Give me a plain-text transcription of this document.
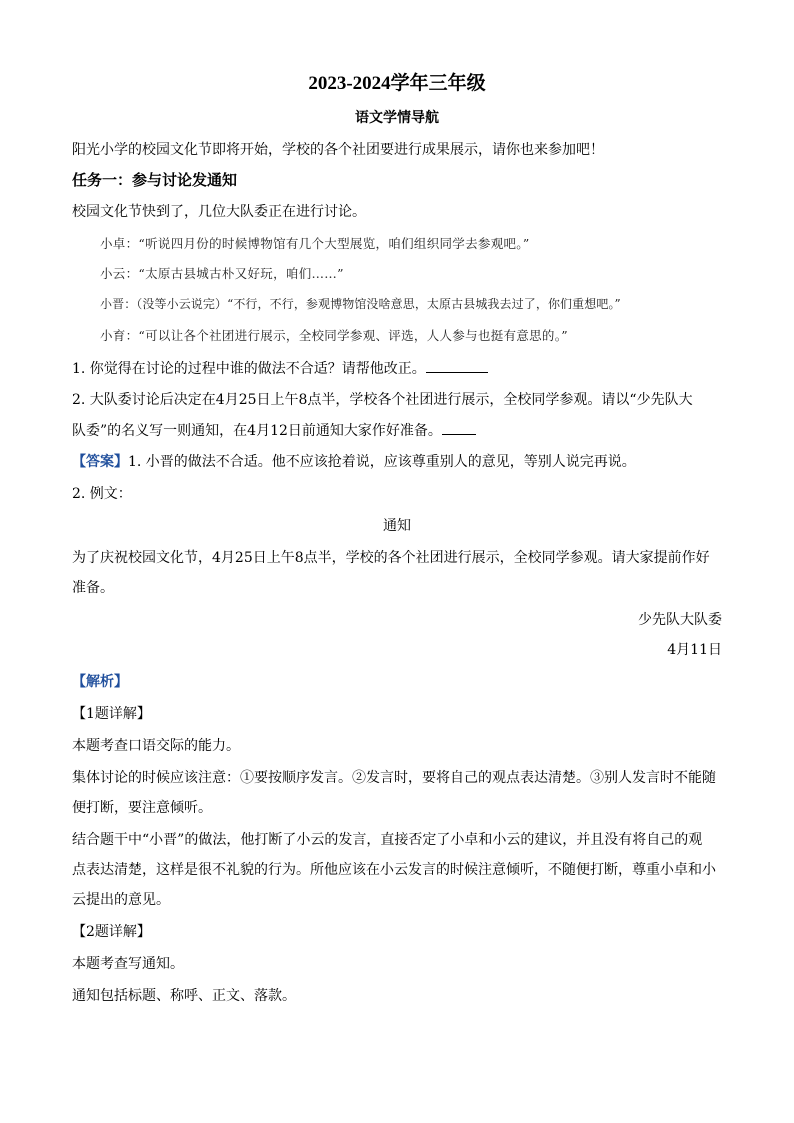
2023-2024学年三年级
语文学情导航
阳光小学的校园文化节即将开始，学校的各个社团要进行成果展示，请你也来参加吧！
任务一：参与讨论发通知
校园文化节快到了，几位大队委正在进行讨论。
小卓：“听说四月份的时候博物馆有几个大型展览，咱们组织同学去参观吧。”
小云：“太原古县城古朴又好玩，咱们……”
小晋：（没等小云说完）“不行，不行，参观博物馆没啥意思，太原古县城我去过了，你们重想吧。”
小育：“可以让各个社团进行展示，全校同学参观、评选，人人参与也挺有意思的。”
1. 你觉得在讨论的过程中谁的做法不合适？请帮他改正。
2. 大队委讨论后决定在4月25日上午8点半，学校各个社团进行展示，全校同学参观。请以“少先队大
队委”的名义写一则通知，在4月12日前通知大家作好准备。
【答案】1. 小晋的做法不合适。他不应该抢着说，应该尊重别人的意见，等别人说完再说。
2. 例文：
通知
为了庆祝校园文化节，4月25日上午8点半，学校的各个社团进行展示，全校同学参观。请大家提前作好
准备。
少先队大队委
4月11日
【解析】
【1题详解】
本题考查口语交际的能力。
集体讨论的时候应该注意：①要按顺序发言。②发言时，要将自己的观点表达清楚。③别人发言时不能随
便打断，要注意倾听。
结合题干中“小晋”的做法，他打断了小云的发言，直接否定了小卓和小云的建议，并且没有将自己的观
点表达清楚，这样是很不礼貌的行为。所他应该在小云发言的时候注意倾听，不随便打断，尊重小卓和小
云提出的意见。
【2题详解】
本题考查写通知。
通知包括标题、称呼、正文、落款。
